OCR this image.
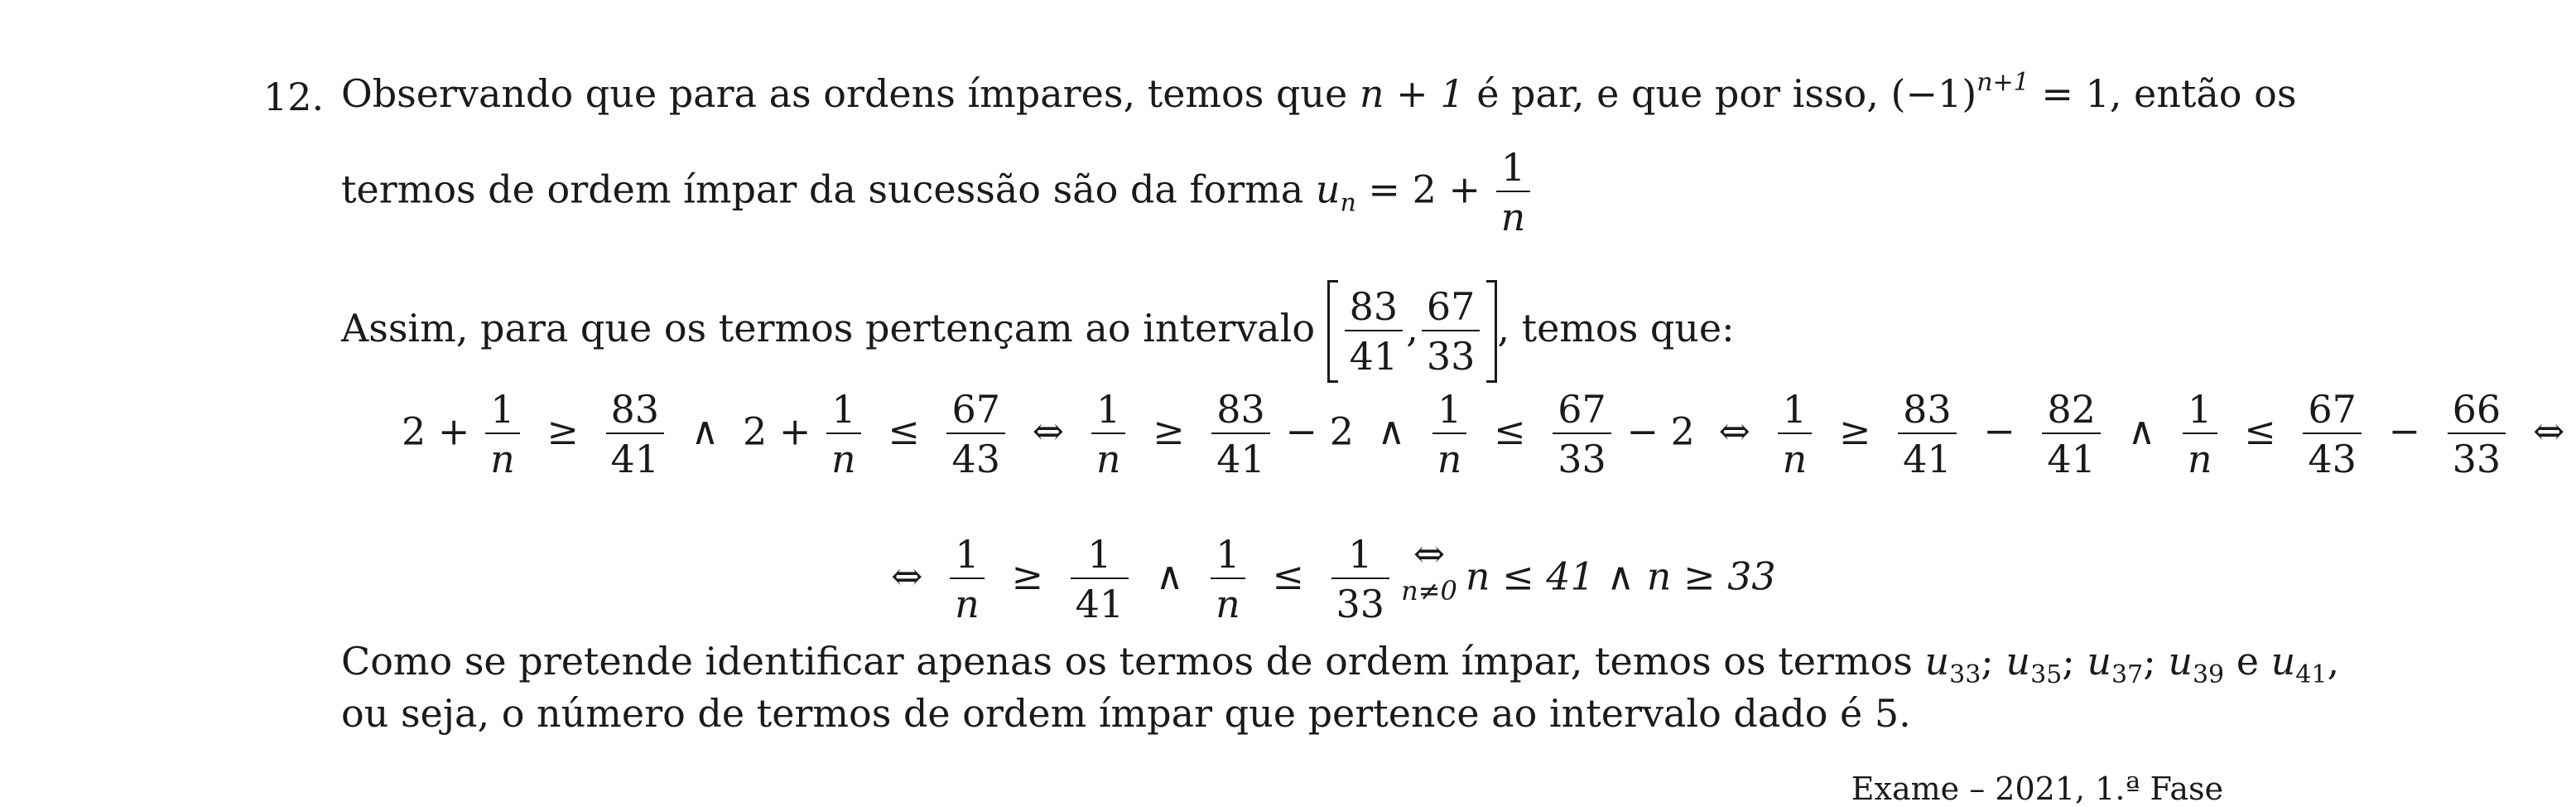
12. Observando que para as ordens ímpares, temos que n + 1 é par, e que por isso, $(-1)^{n+1} = 1$, então os
termos de ordem ímpar da sucessão são da forma $u_n = 2 + \frac{1}{n}$
Assim, para que os termos pertençam ao intervalo $\frac{83}{41}$ , $\frac{67}{33}$ , temos que:
$2 + \frac{1}{n} \ge \frac{83}{41}$ ∧ $2 + \frac{1}{n} \le \frac{67}{43}$ ⇔ $\frac{1}{n} \ge \frac{83}{41} - 2$ ∧ $\frac{1}{n} \le \frac{67}{33} - 2$ ⇔ $\frac{1}{n} \ge \frac{83}{41} - \frac{82}{41}$ ∧ $\frac{1}{n} \le \frac{67}{43} - \frac{66}{33}$ ⇔
⇔ $\frac{1}{n} \ge \frac{1}{41}$ ∧ $\frac{1}{n} \le \frac{1}{33}$ ⇔
n≠0 n ≤ 41 ∧ n ≥ 33
Como se pretende identificar apenas os termos de ordem ímpar, temos os termos $u_{33}$; $u_{35}$; $u_{37}$; $u_{39}$ e $u_{41}$,
ou seja, o número de termos de ordem ímpar que pertence ao intervalo dado é 5.
Exame – 2021, 1.ª Fase
